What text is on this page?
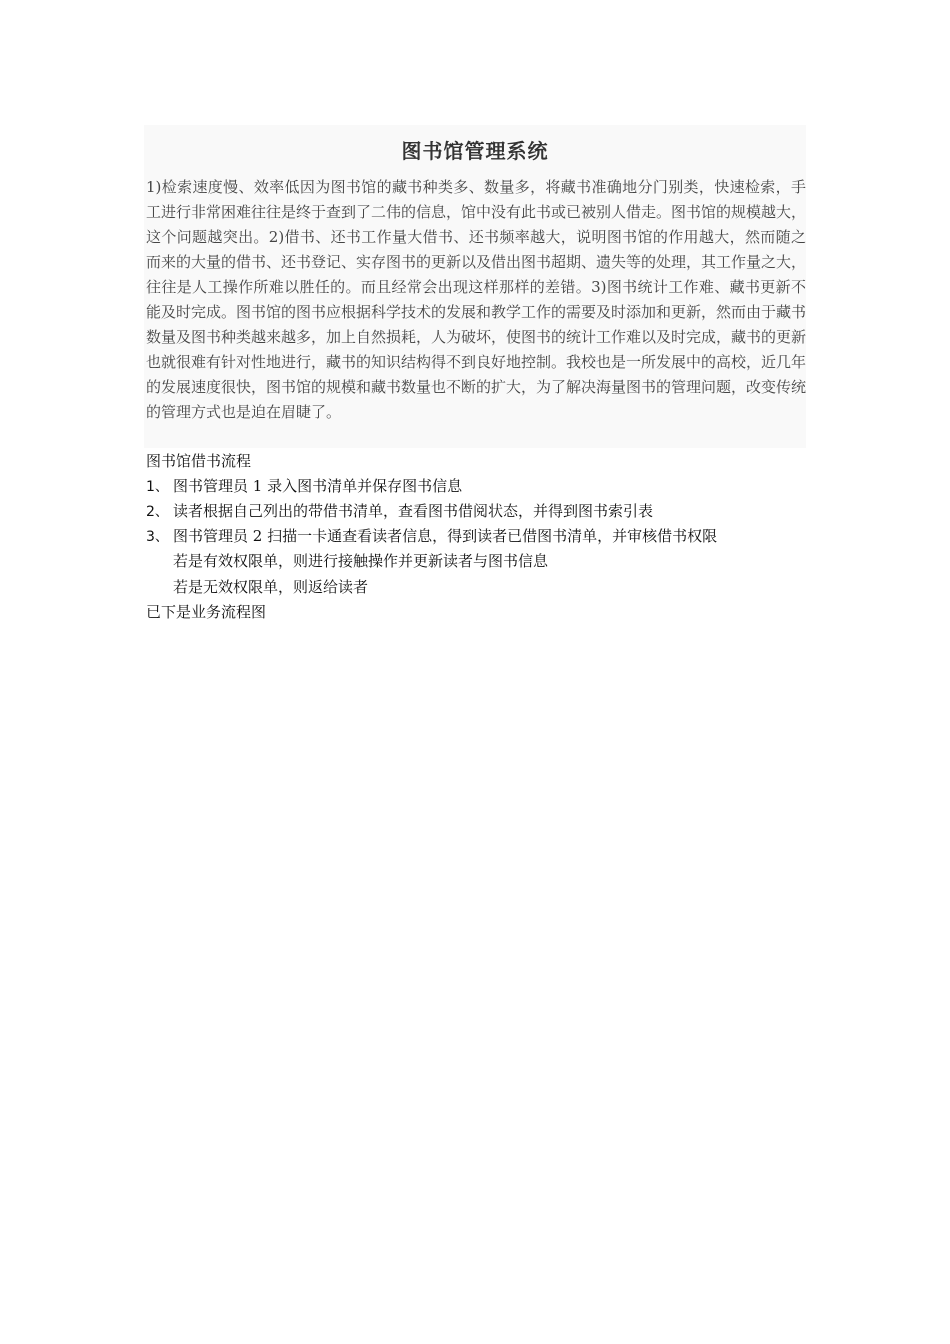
图书馆管理系统

1)检索速度慢、效率低因为图书馆的藏书种类多、数量多，将藏书准确地分门别类，快速检索，手工进行非常困难往往是终于查到了二伟的信息，馆中没有此书或已被别人借走。图书馆的规模越大，这个问题越突出。2)借书、还书工作量大借书、还书频率越大，说明图书馆的作用越大，然而随之而来的大量的借书、还书登记、实存图书的更新以及借出图书超期、遗失等的处理，其工作量之大，往往是人工操作所难以胜任的。而且经常会出现这样那样的差错。3)图书统计工作难、藏书更新不能及时完成。图书馆的图书应根据科学技术的发展和教学工作的需要及时添加和更新，然而由于藏书数量及图书种类越来越多，加上自然损耗，人为破坏，使图书的统计工作难以及时完成，藏书的更新也就很难有针对性地进行，藏书的知识结构得不到良好地控制。我校也是一所发展中的高校，近几年的发展速度很快，图书馆的规模和藏书数量也不断的扩大，为了解决海量图书的管理问题，改变传统的管理方式也是迫在眉睫了。

图书馆借书流程

1、 图书管理员 1 录入图书清单并保存图书信息

2、 读者根据自己列出的带借书清单，查看图书借阅状态，并得到图书索引表

3、 图书管理员 2 扫描一卡通查看读者信息，得到读者已借图书清单，并审核借书权限

若是有效权限单，则进行接触操作并更新读者与图书信息

若是无效权限单，则返给读者

已下是业务流程图
